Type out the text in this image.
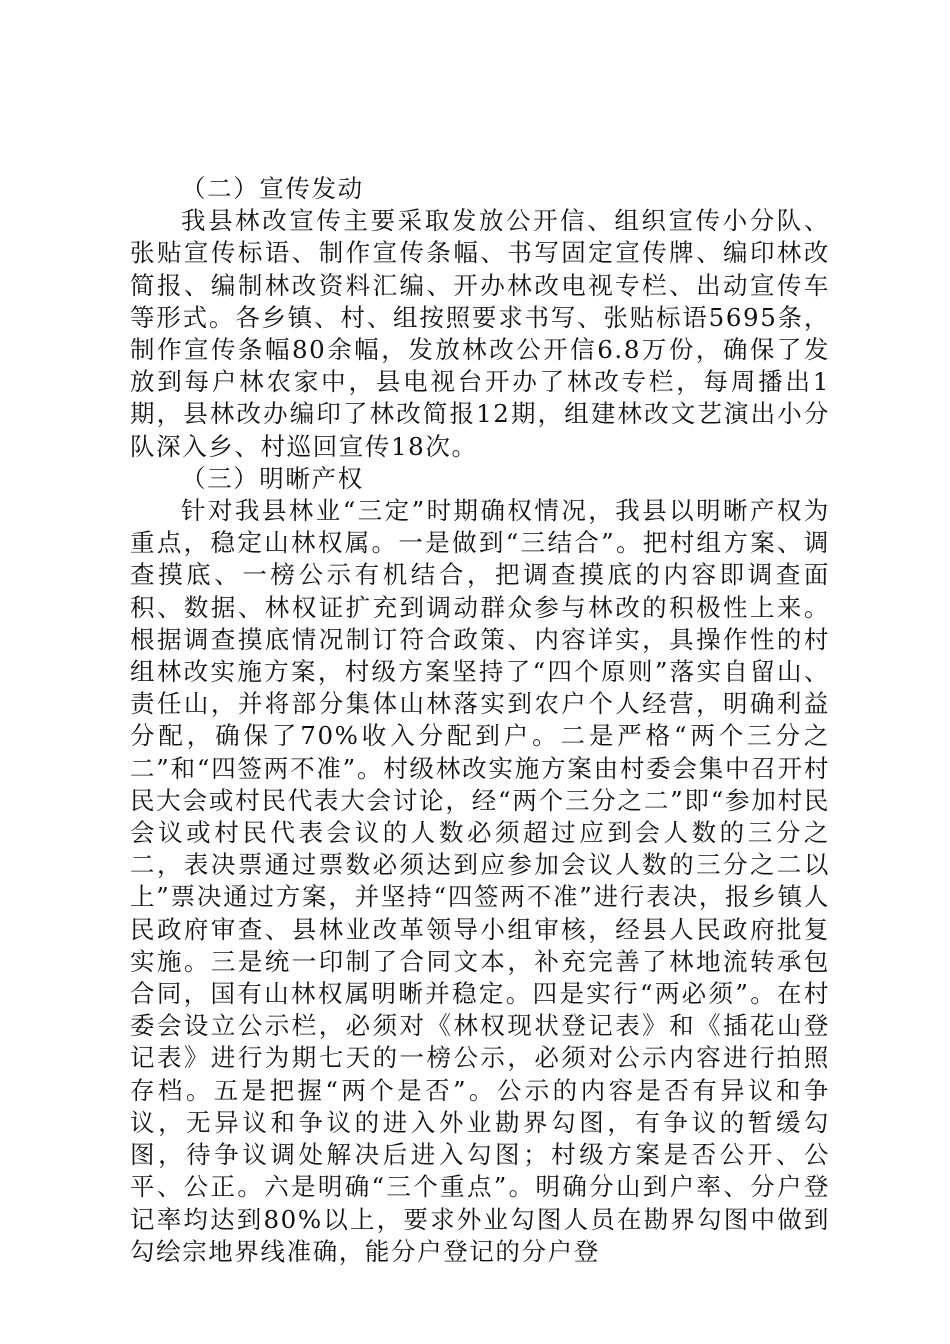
（二）宣传发动

我县林改宣传主要采取发放公开信、组织宣传小分队、张贴宣传标语、制作宣传条幅、书写固定宣传牌、编印林改简报、编制林改资料汇编、开办林改电视专栏、出动宣传车等形式。各乡镇、村、组按照要求书写、张贴标语5695条，制作宣传条幅80余幅，发放林改公开信6.8万份，确保了发放到每户林农家中，县电视台开办了林改专栏，每周播出1期，县林改办编印了林改简报12期，组建林改文艺演出小分队深入乡、村巡回宣传18次。

（三）明晰产权

针对我县林业“三定”时期确权情况，我县以明晰产权为重点，稳定山林权属。一是做到“三结合”。把村组方案、调查摸底、一榜公示有机结合，把调查摸底的内容即调查面积、数据、林权证扩充到调动群众参与林改的积极性上来。根据调查摸底情况制订符合政策、内容详实，具操作性的村组林改实施方案，村级方案坚持了“四个原则”落实自留山、责任山，并将部分集体山林落实到农户个人经营，明确利益分配，确保了70%收入分配到户。二是严格“两个三分之二”和“四签两不准”。村级林改实施方案由村委会集中召开村民大会或村民代表大会讨论，经“两个三分之二”即“参加村民会议或村民代表会议的人数必须超过应到会人数的三分之二，表决票通过票数必须达到应参加会议人数的三分之二以上”票决通过方案，并坚持“四签两不准”进行表决，报乡镇人民政府审查、县林业改革领导小组审核，经县人民政府批复实施。三是统一印制了合同文本，补充完善了林地流转承包合同，国有山林权属明晰并稳定。四是实行“两必须”。在村委会设立公示栏，必须对《林权现状登记表》和《插花山登记表》进行为期七天的一榜公示，必须对公示内容进行拍照存档。五是把握“两个是否”。公示的内容是否有异议和争议，无异议和争议的进入外业勘界勾图，有争议的暂缓勾图，待争议调处解决后进入勾图；村级方案是否公开、公平、公正。六是明确“三个重点”。明确分山到户率、分户登记率均达到80%以上，要求外业勾图人员在勘界勾图中做到勾绘宗地界线准确，能分户登记的分户登
